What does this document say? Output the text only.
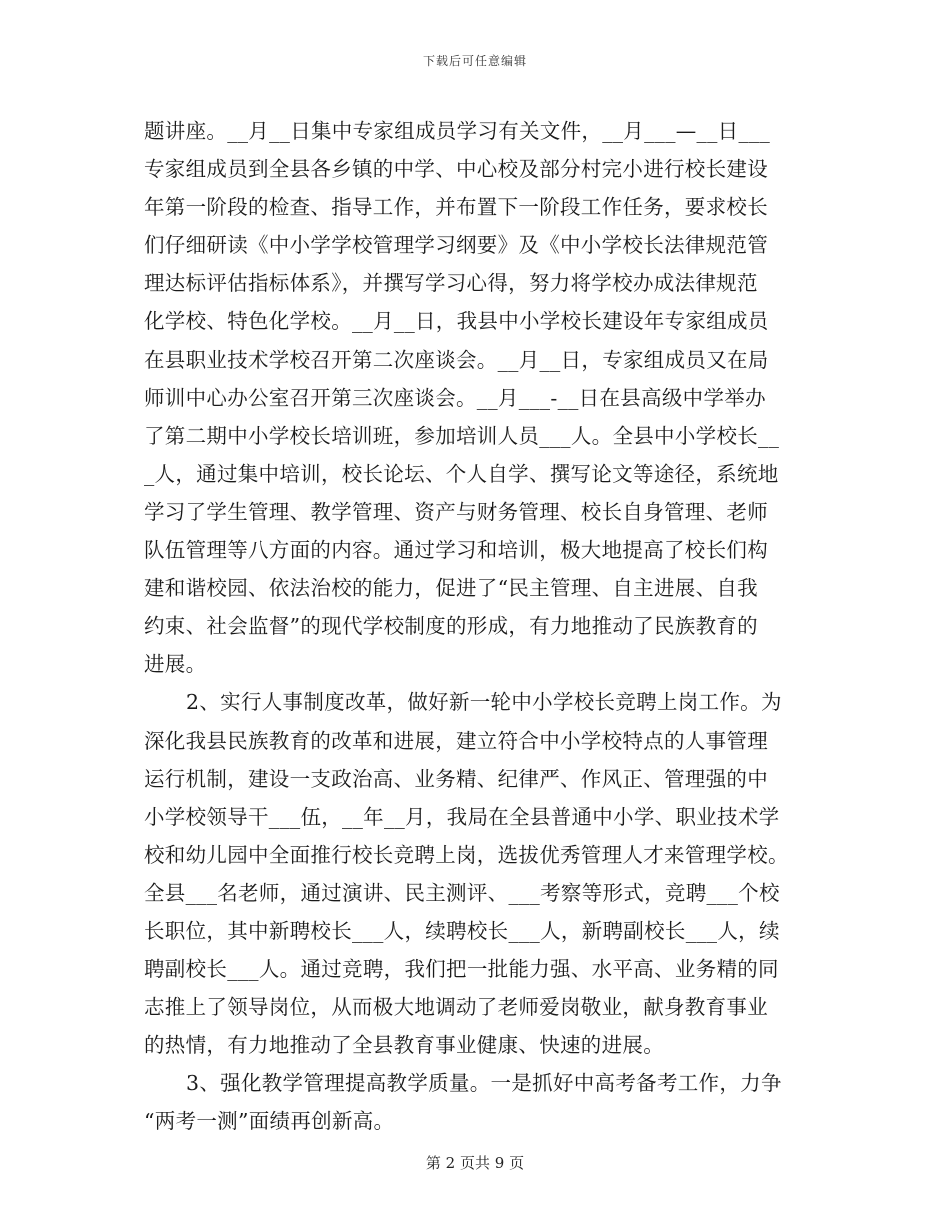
下载后可任意编辑
题讲座。__月__日集中专家组成员学习有关文件，__月___—__日___
专家组成员到全县各乡镇的中学、中心校及部分村完小进行校长建设
年第一阶段的检查、指导工作，并布置下一阶段工作任务，要求校长
们仔细研读《中小学学校管理学习纲要》及《中小学校长法律规范管
理达标评估指标体系》，并撰写学习心得，努力将学校办成法律规范
化学校、特色化学校。__月__日，我县中小学校长建设年专家组成员
在县职业技术学校召开第二次座谈会。__月__日，专家组成员又在局
师训中心办公室召开第三次座谈会。__月___-__日在县高级中学举办
了第二期中小学校长培训班，参加培训人员___人。全县中小学校长__
_人，通过集中培训，校长论坛、个人自学、撰写论文等途径，系统地
学习了学生管理、教学管理、资产与财务管理、校长自身管理、老师
队伍管理等八方面的内容。通过学习和培训，极大地提高了校长们构
建和谐校园、依法治校的能力，促进了“民主管理、自主进展、自我
约束、社会监督”的现代学校制度的形成，有力地推动了民族教育的
进展。
2、实行人事制度改革，做好新一轮中小学校长竞聘上岗工作。为
深化我县民族教育的改革和进展，建立符合中小学校特点的人事管理
运行机制，建设一支政治高、业务精、纪律严、作风正、管理强的中
小学校领导干___伍，__年__月，我局在全县普通中小学、职业技术学
校和幼儿园中全面推行校长竞聘上岗，选拔优秀管理人才来管理学校。
全县___名老师，通过演讲、民主测评、___考察等形式，竞聘___个校
长职位，其中新聘校长___人，续聘校长___人，新聘副校长___人，续
聘副校长___人。通过竞聘，我们把一批能力强、水平高、业务精的同
志推上了领导岗位，从而极大地调动了老师爱岗敬业，献身教育事业
的热情，有力地推动了全县教育事业健康、快速的进展。
3、强化教学管理提高教学质量。一是抓好中高考备考工作，力争
“两考一测”面绩再创新高。
第 2 页共 9 页
